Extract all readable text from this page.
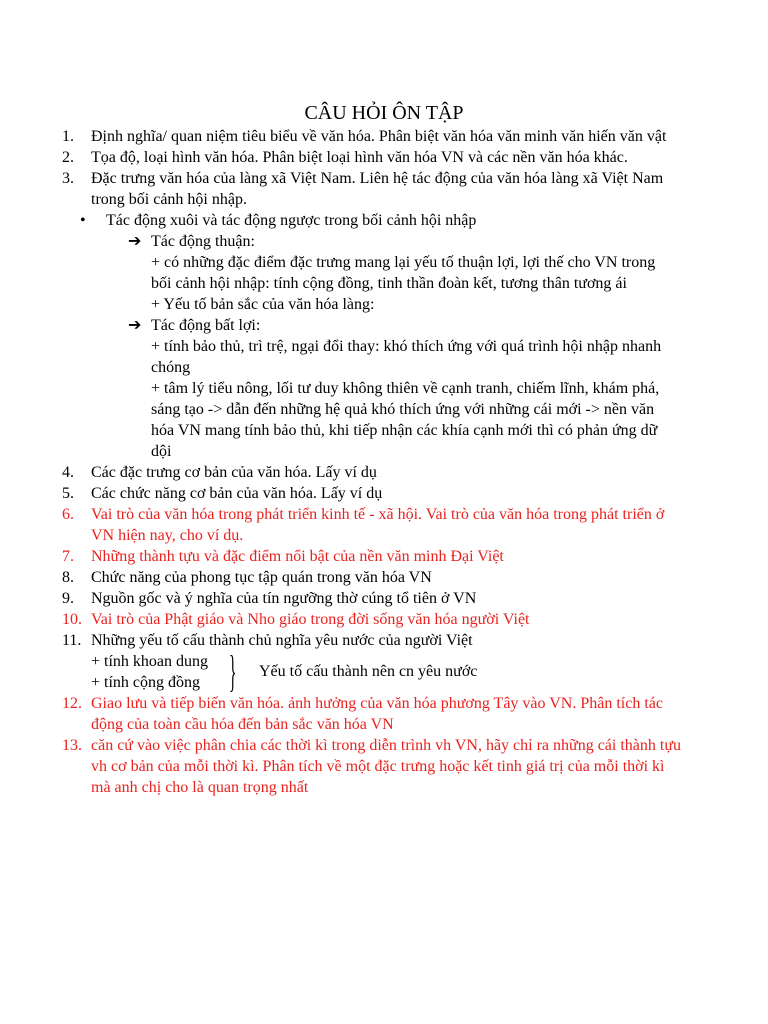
CÂU HỎI ÔN TẬP
1. Định nghĩa/ quan niệm tiêu biểu về văn hóa. Phân biệt văn hóa văn minh văn hiến văn vật
2. Tọa độ, loại hình văn hóa. Phân biệt loại hình văn hóa VN và các nền văn hóa khác.
3. Đặc trưng văn hóa của làng xã Việt Nam. Liên hệ tác động của văn hóa làng xã Việt Nam trong bối cảnh hội nhập.
• Tác động xuôi và tác động ngược trong bối cảnh hội nhập
➔ Tác động thuận:
+ có những đặc điểm đặc trưng mang lại yếu tố thuận lợi, lợi thế cho VN trong bối cảnh hội nhập: tính cộng đồng, tinh thần đoàn kết, tương thân tương ái
+ Yếu tố bản sắc của văn hóa làng:
➔ Tác động bất lợi:
+ tính bảo thủ, trì trệ, ngại đổi thay: khó thích ứng với quá trình hội nhập nhanh chóng
+ tâm lý tiểu nông, lối tư duy không thiên về cạnh tranh, chiếm lĩnh, khám phá, sáng tạo -> dẫn đến những hệ quả khó thích ứng với những cái mới -> nền văn hóa VN mang tính bảo thủ, khi tiếp nhận các khía cạnh mới thì có phản ứng dữ dội
4. Các đặc trưng cơ bản của văn hóa. Lấy ví dụ
5. Các chức năng cơ bản của văn hóa. Lấy ví dụ
6. Vai trò của văn hóa trong phát triển kinh tế - xã hội. Vai trò của văn hóa trong phát triển ở VN hiện nay, cho ví dụ.
7. Những thành tựu và đặc điểm nổi bật của nền văn minh Đại Việt
8. Chức năng của phong tục tập quán trong văn hóa VN
9. Nguồn gốc và ý nghĩa của tín ngưỡng thờ cúng tổ tiên ở VN
10. Vai trò của Phật giáo và Nho giáo trong đời sống văn hóa người Việt
11. Những yếu tố cấu thành chủ nghĩa yêu nước của người Việt
+ tính khoan dung
+ tính cộng đồng } Yếu tố cấu thành nên cn yêu nước
12. Giao lưu và tiếp biến văn hóa. ảnh hưởng của văn hóa phương Tây vào VN. Phân tích tác động của toàn cầu hóa đến bản sắc văn hóa VN
13. căn cứ vào việc phân chia các thời kì trong diễn trình vh VN, hãy chỉ ra những cái thành tựu vh cơ bản của mỗi thời kì. Phân tích về một đặc trưng hoặc kết tinh giá trị của mỗi thời kì mà anh chị cho là quan trọng nhất
